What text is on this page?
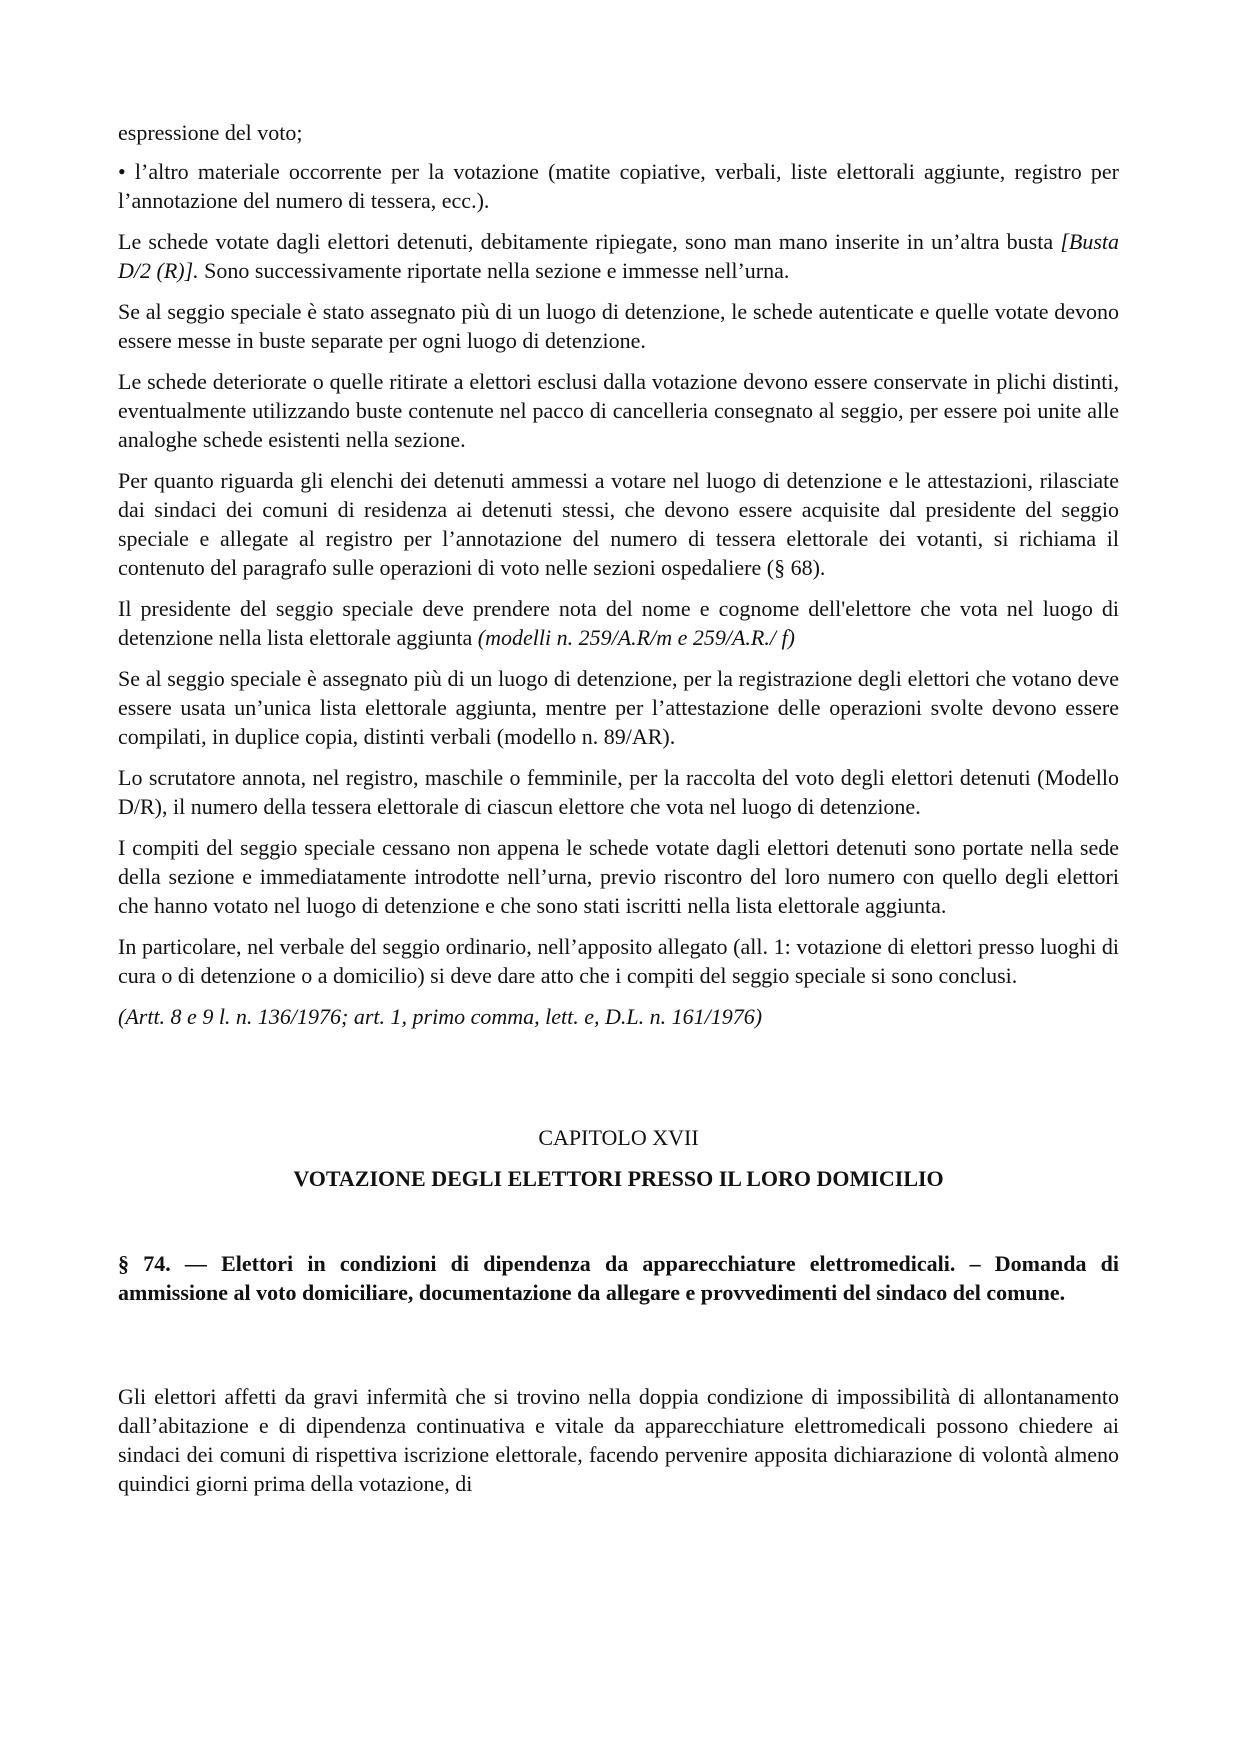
espressione del voto;

• l’altro materiale occorrente per la votazione (matite copiative, verbali, liste elettorali aggiunte, registro per l’annotazione del numero di tessera, ecc.).

Le schede votate dagli elettori detenuti, debitamente ripiegate, sono man mano inserite in un’altra busta [Busta D/2 (R)]. Sono successivamente riportate nella sezione e immesse nell’urna.

Se al seggio speciale è stato assegnato più di un luogo di detenzione, le schede autenticate e quelle votate devono essere messe in buste separate per ogni luogo di detenzione.

Le schede deteriorate o quelle ritirate a elettori esclusi dalla votazione devono essere conservate in plichi distinti, eventualmente utilizzando buste contenute nel pacco di cancelleria consegnato al seggio, per essere poi unite alle analoghe schede esistenti nella sezione.

Per quanto riguarda gli elenchi dei detenuti ammessi a votare nel luogo di detenzione e le attestazioni, rilasciate dai sindaci dei comuni di residenza ai detenuti stessi, che devono essere acquisite dal presidente del seggio speciale e allegate al registro per l’annotazione del numero di tessera elettorale dei votanti, si richiama il contenuto del paragrafo sulle operazioni di voto nelle sezioni ospedaliere (§ 68).

Il presidente del seggio speciale deve prendere nota del nome e cognome dell'elettore che vota nel luogo di detenzione nella lista elettorale aggiunta (modelli n. 259/A.R/m e 259/A.R./ f)

Se al seggio speciale è assegnato più di un luogo di detenzione, per la registrazione degli elettori che votano deve essere usata un’unica lista elettorale aggiunta, mentre per l’attestazione delle operazioni svolte devono essere compilati, in duplice copia, distinti verbali (modello n. 89/AR).

Lo scrutatore annota, nel registro, maschile o femminile, per la raccolta del voto degli elettori detenuti (Modello D/R), il numero della tessera elettorale di ciascun elettore che vota nel luogo di detenzione.

I compiti del seggio speciale cessano non appena le schede votate dagli elettori detenuti sono portate nella sede della sezione e immediatamente introdotte nell’urna, previo riscontro del loro numero con quello degli elettori che hanno votato nel luogo di detenzione e che sono stati iscritti nella lista elettorale aggiunta.

In particolare, nel verbale del seggio ordinario, nell’apposito allegato (all. 1: votazione di elettori presso luoghi di cura o di detenzione o a domicilio) si deve dare atto che i compiti del seggio speciale si sono conclusi.

(Artt. 8 e 9 l. n. 136/1976; art. 1, primo comma, lett. e, D.L. n. 161/1976)

CAPITOLO XVII

VOTAZIONE DEGLI ELETTORI PRESSO IL LORO DOMICILIO

§ 74. — Elettori in condizioni di dipendenza da apparecchiature elettromedicali. – Domanda di ammissione al voto domiciliare, documentazione da allegare e provvedimenti del sindaco del comune.

Gli elettori affetti da gravi infermità che si trovino nella doppia condizione di impossibilità di allontanamento dall’abitazione e di dipendenza continuativa e vitale da apparecchiature elettromedicali possono chiedere ai sindaci dei comuni di rispettiva iscrizione elettorale, facendo pervenire apposita dichiarazione di volontà almeno quindici giorni prima della votazione, di
